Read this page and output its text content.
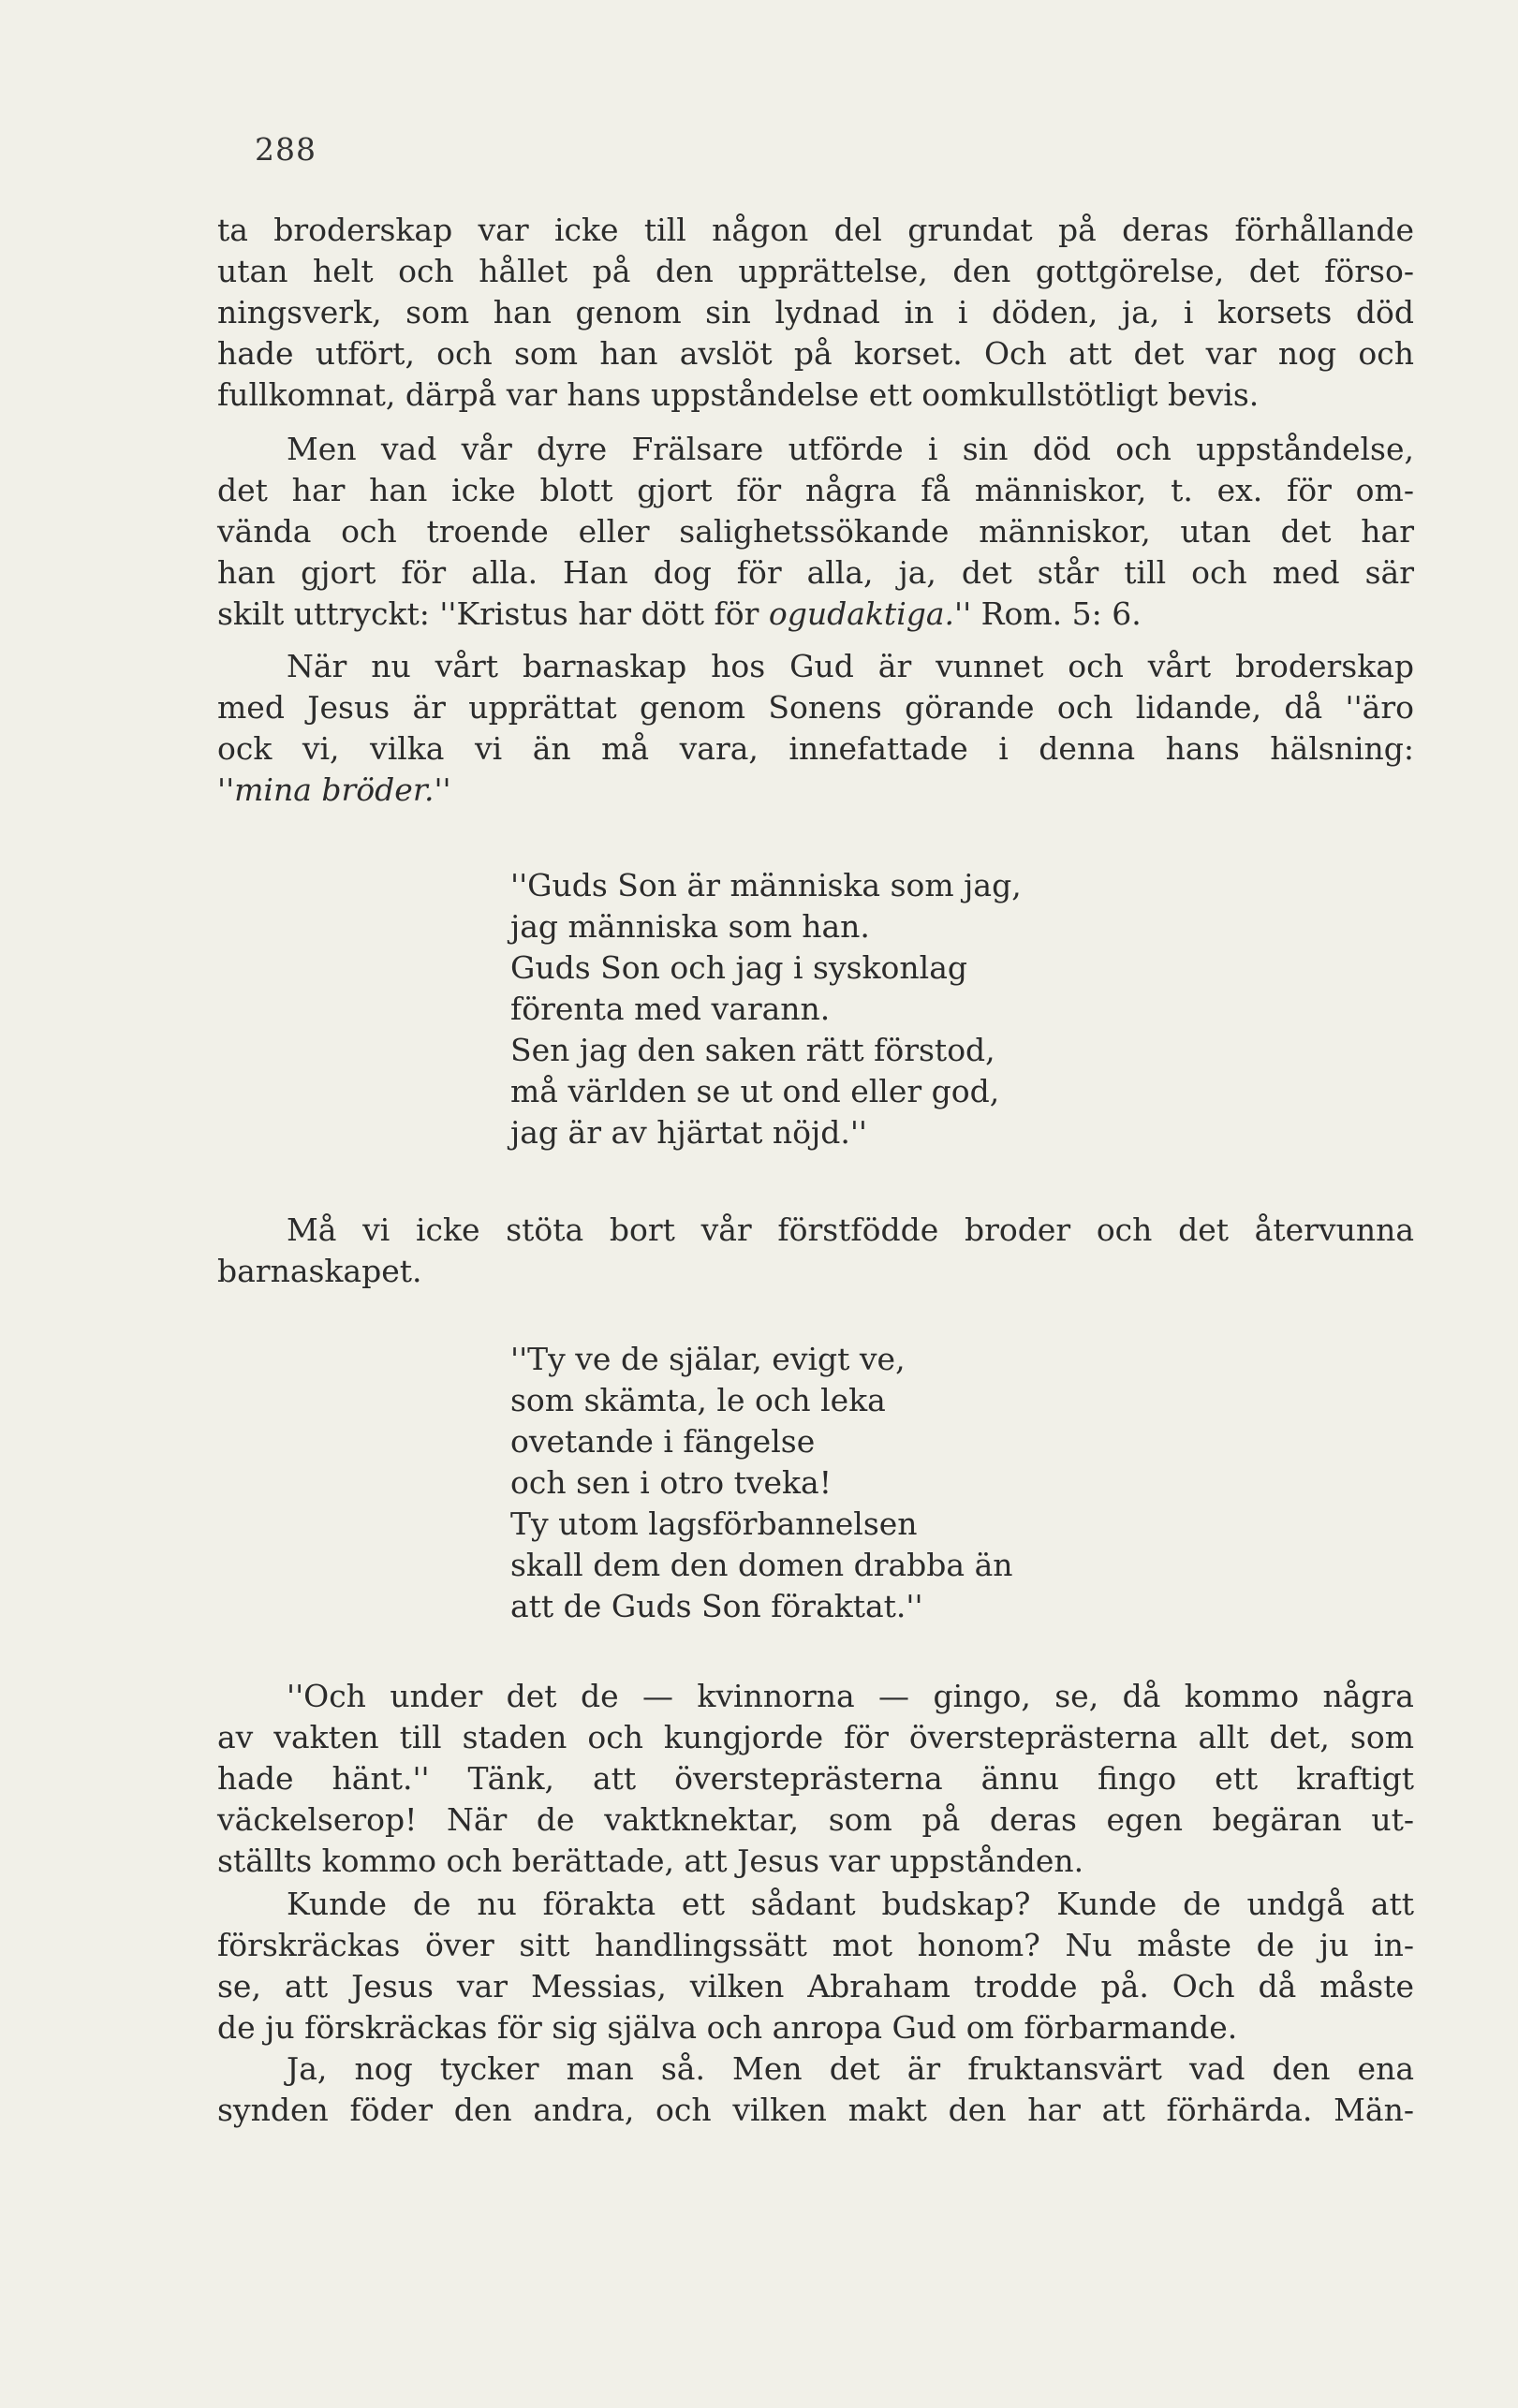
288
ta broderskap var icke till någon del grundat på deras förhållande
utan helt och hållet på den upprättelse, den gottgörelse, det förso-
ningsverk, som han genom sin lydnad in i döden, ja, i korsets död
hade utfört, och som han avslöt på korset. Och att det var nog och
fullkomnat, därpå var hans uppståndelse ett oomkullstötligt bevis.
Men vad vår dyre Frälsare utförde i sin död och uppståndelse,
det har han icke blott gjort för några få människor, t. ex. för om-
vända och troende eller salighetssökande människor, utan det har
han gjort för alla. Han dog för alla, ja, det står till och med sär
skilt uttryckt: ''Kristus har dött för ogudaktiga.'' Rom. 5: 6.
När nu vårt barnaskap hos Gud är vunnet och vårt broderskap
med Jesus är upprättat genom Sonens görande och lidande, då ''äro
ock vi, vilka vi än må vara, innefattade i denna hans hälsning:
''mina bröder.''
''Guds Son är människa som jag,
jag människa som han.
Guds Son och jag i syskonlag
förenta med varann.
Sen jag den saken rätt förstod,
må världen se ut ond eller god,
jag är av hjärtat nöjd.''
Må vi icke stöta bort vår förstfödde broder och det återvunna
barnaskapet.
''Ty ve de själar, evigt ve,
som skämta, le och leka
ovetande i fängelse
och sen i otro tveka!
Ty utom lagsförbannelsen
skall dem den domen drabba än
att de Guds Son föraktat.''
''Och under det de — kvinnorna — gingo, se, då kommo några
av vakten till staden och kungjorde för översteprästerna allt det, som
hade hänt.'' Tänk, att översteprästerna ännu fingo ett kraftigt
väckelserop! När de vaktknektar, som på deras egen begäran ut-
ställts kommo och berättade, att Jesus var uppstånden.
Kunde de nu förakta ett sådant budskap? Kunde de undgå att
förskräckas över sitt handlingssätt mot honom? Nu måste de ju in-
se, att Jesus var Messias, vilken Abraham trodde på. Och då måste
de ju förskräckas för sig själva och anropa Gud om förbarmande.
Ja, nog tycker man så. Men det är fruktansvärt vad den ena
synden föder den andra, och vilken makt den har att förhärda. Män-
